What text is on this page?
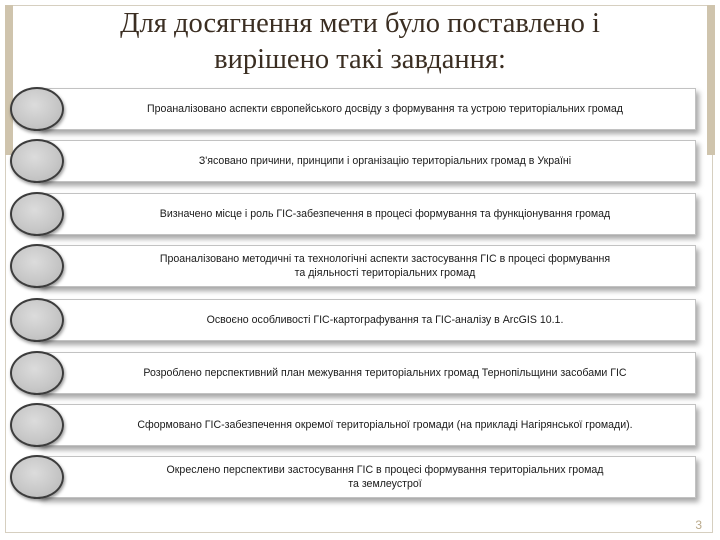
Для досягнення мети було поставлено і
вирішено такі завдання:
Проаналізовано аспекти європейського досвіду з формування та устрою територіальних громад
З'ясовано причини, принципи і організацію територіальних громад в Україні
Визначено місце і роль ГІС-забезпечення в процесі формування та функціонування громад
Проаналізовано методичні та технологічні аспекти застосування ГІС в процесі формування
та діяльності територіальних громад
Освоєно особливості ГІС-картографування та ГІС-аналізу в ArcGIS 10.1.
Розроблено перспективний план межування територіальних громад Тернопільщини засобами ГІС
Сформовано ГІС-забезпечення окремої територіальної громади (на прикладі Нагірянської громади).
Окреслено перспективи застосування ГІС в процесі формування територіальних громад
та землеустрої
3
